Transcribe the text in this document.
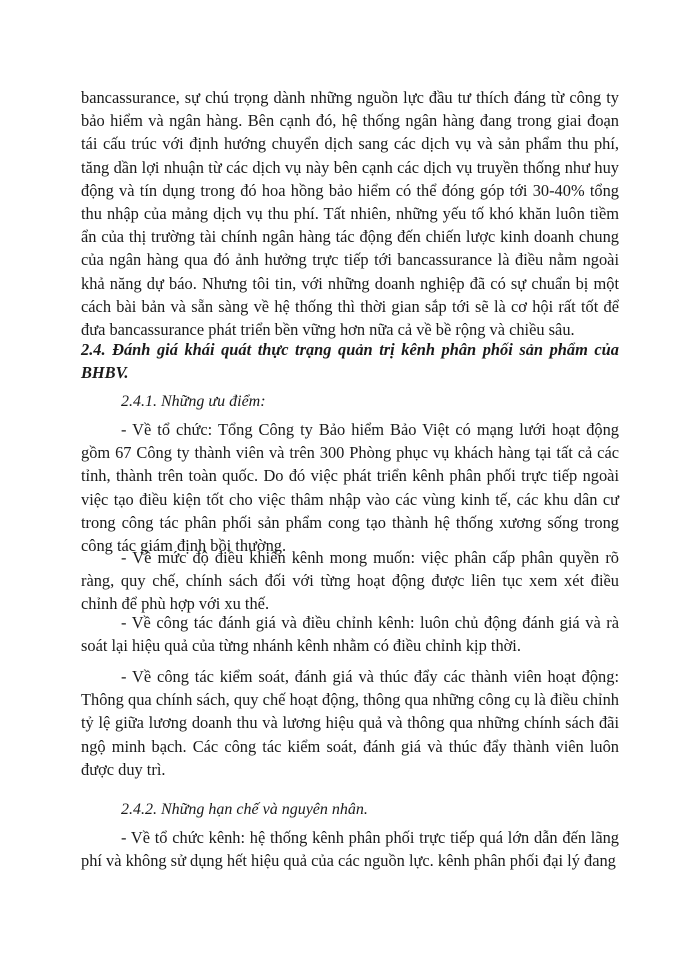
bancassurance, sự chú trọng dành những nguồn lực đầu tư thích đáng từ công ty bảo hiểm và ngân hàng. Bên cạnh đó, hệ thống ngân hàng đang trong giai đoạn tái cấu trúc với định hướng chuyển dịch sang các dịch vụ và sản phẩm thu phí, tăng dần lợi nhuận từ các dịch vụ này bên cạnh các dịch vụ truyền thống như huy động và tín dụng trong đó hoa hồng bảo hiểm có thể đóng góp tới 30-40% tổng thu nhập của mảng dịch vụ thu phí. Tất nhiên, những yếu tố khó khăn luôn tiềm ẩn của thị trường tài chính ngân hàng tác động đến chiến lược kinh doanh chung của ngân hàng qua đó ảnh hưởng trực tiếp tới bancassurance là điều nằm ngoài khả năng dự báo. Nhưng tôi tin, với những doanh nghiệp đã có sự chuẩn bị một cách bài bản và sẵn sàng về hệ thống thì thời gian sắp tới sẽ là cơ hội rất tốt để đưa bancassurance phát triển bền vững hơn nữa cả về bề rộng và chiều sâu.

2.4. Đánh giá khái quát thực trạng quản trị kênh phân phối sản phẩm của BHBV.

2.4.1. Những ưu điểm:

- Về tổ chức: Tổng Công ty Bảo hiểm Bảo Việt có mạng lưới hoạt động gồm 67 Công ty thành viên và trên 300 Phòng phục vụ khách hàng tại tất cả các tỉnh, thành trên toàn quốc. Do đó việc phát triển kênh phân phối trực tiếp ngoài việc tạo điều kiện tốt cho việc thâm nhập vào các vùng kinh tế, các khu dân cư trong công tác phân phối sản phẩm cong tạo thành hệ thống xương sống trong công tác giám định bồi thường.

- Về mức độ điều khiển kênh mong muốn: việc phân cấp phân quyền rõ ràng, quy chế, chính sách đối với từng hoạt động được liên tục xem xét điều chỉnh để phù hợp với xu thế.

- Về công tác đánh giá và điều chỉnh kênh: luôn chủ động đánh giá và rà soát lại hiệu quả của từng nhánh kênh nhằm có điều chỉnh kịp thời.

- Về công tác kiểm soát, đánh giá và thúc đẩy các thành viên hoạt động: Thông qua chính sách, quy chế hoạt động, thông qua những công cụ là điều chỉnh tỷ lệ giữa lương doanh thu và lương hiệu quả và thông qua những chính sách đãi ngộ minh bạch. Các công tác kiểm soát, đánh giá và thúc đẩy thành viên luôn được duy trì.

2.4.2. Những hạn chế và nguyên nhân.

- Về tổ chức kênh: hệ thống kênh phân phối trực tiếp quá lớn dẫn đến lãng phí và không sử dụng hết hiệu quả của các nguồn lực. kênh phân phối đại lý đang
